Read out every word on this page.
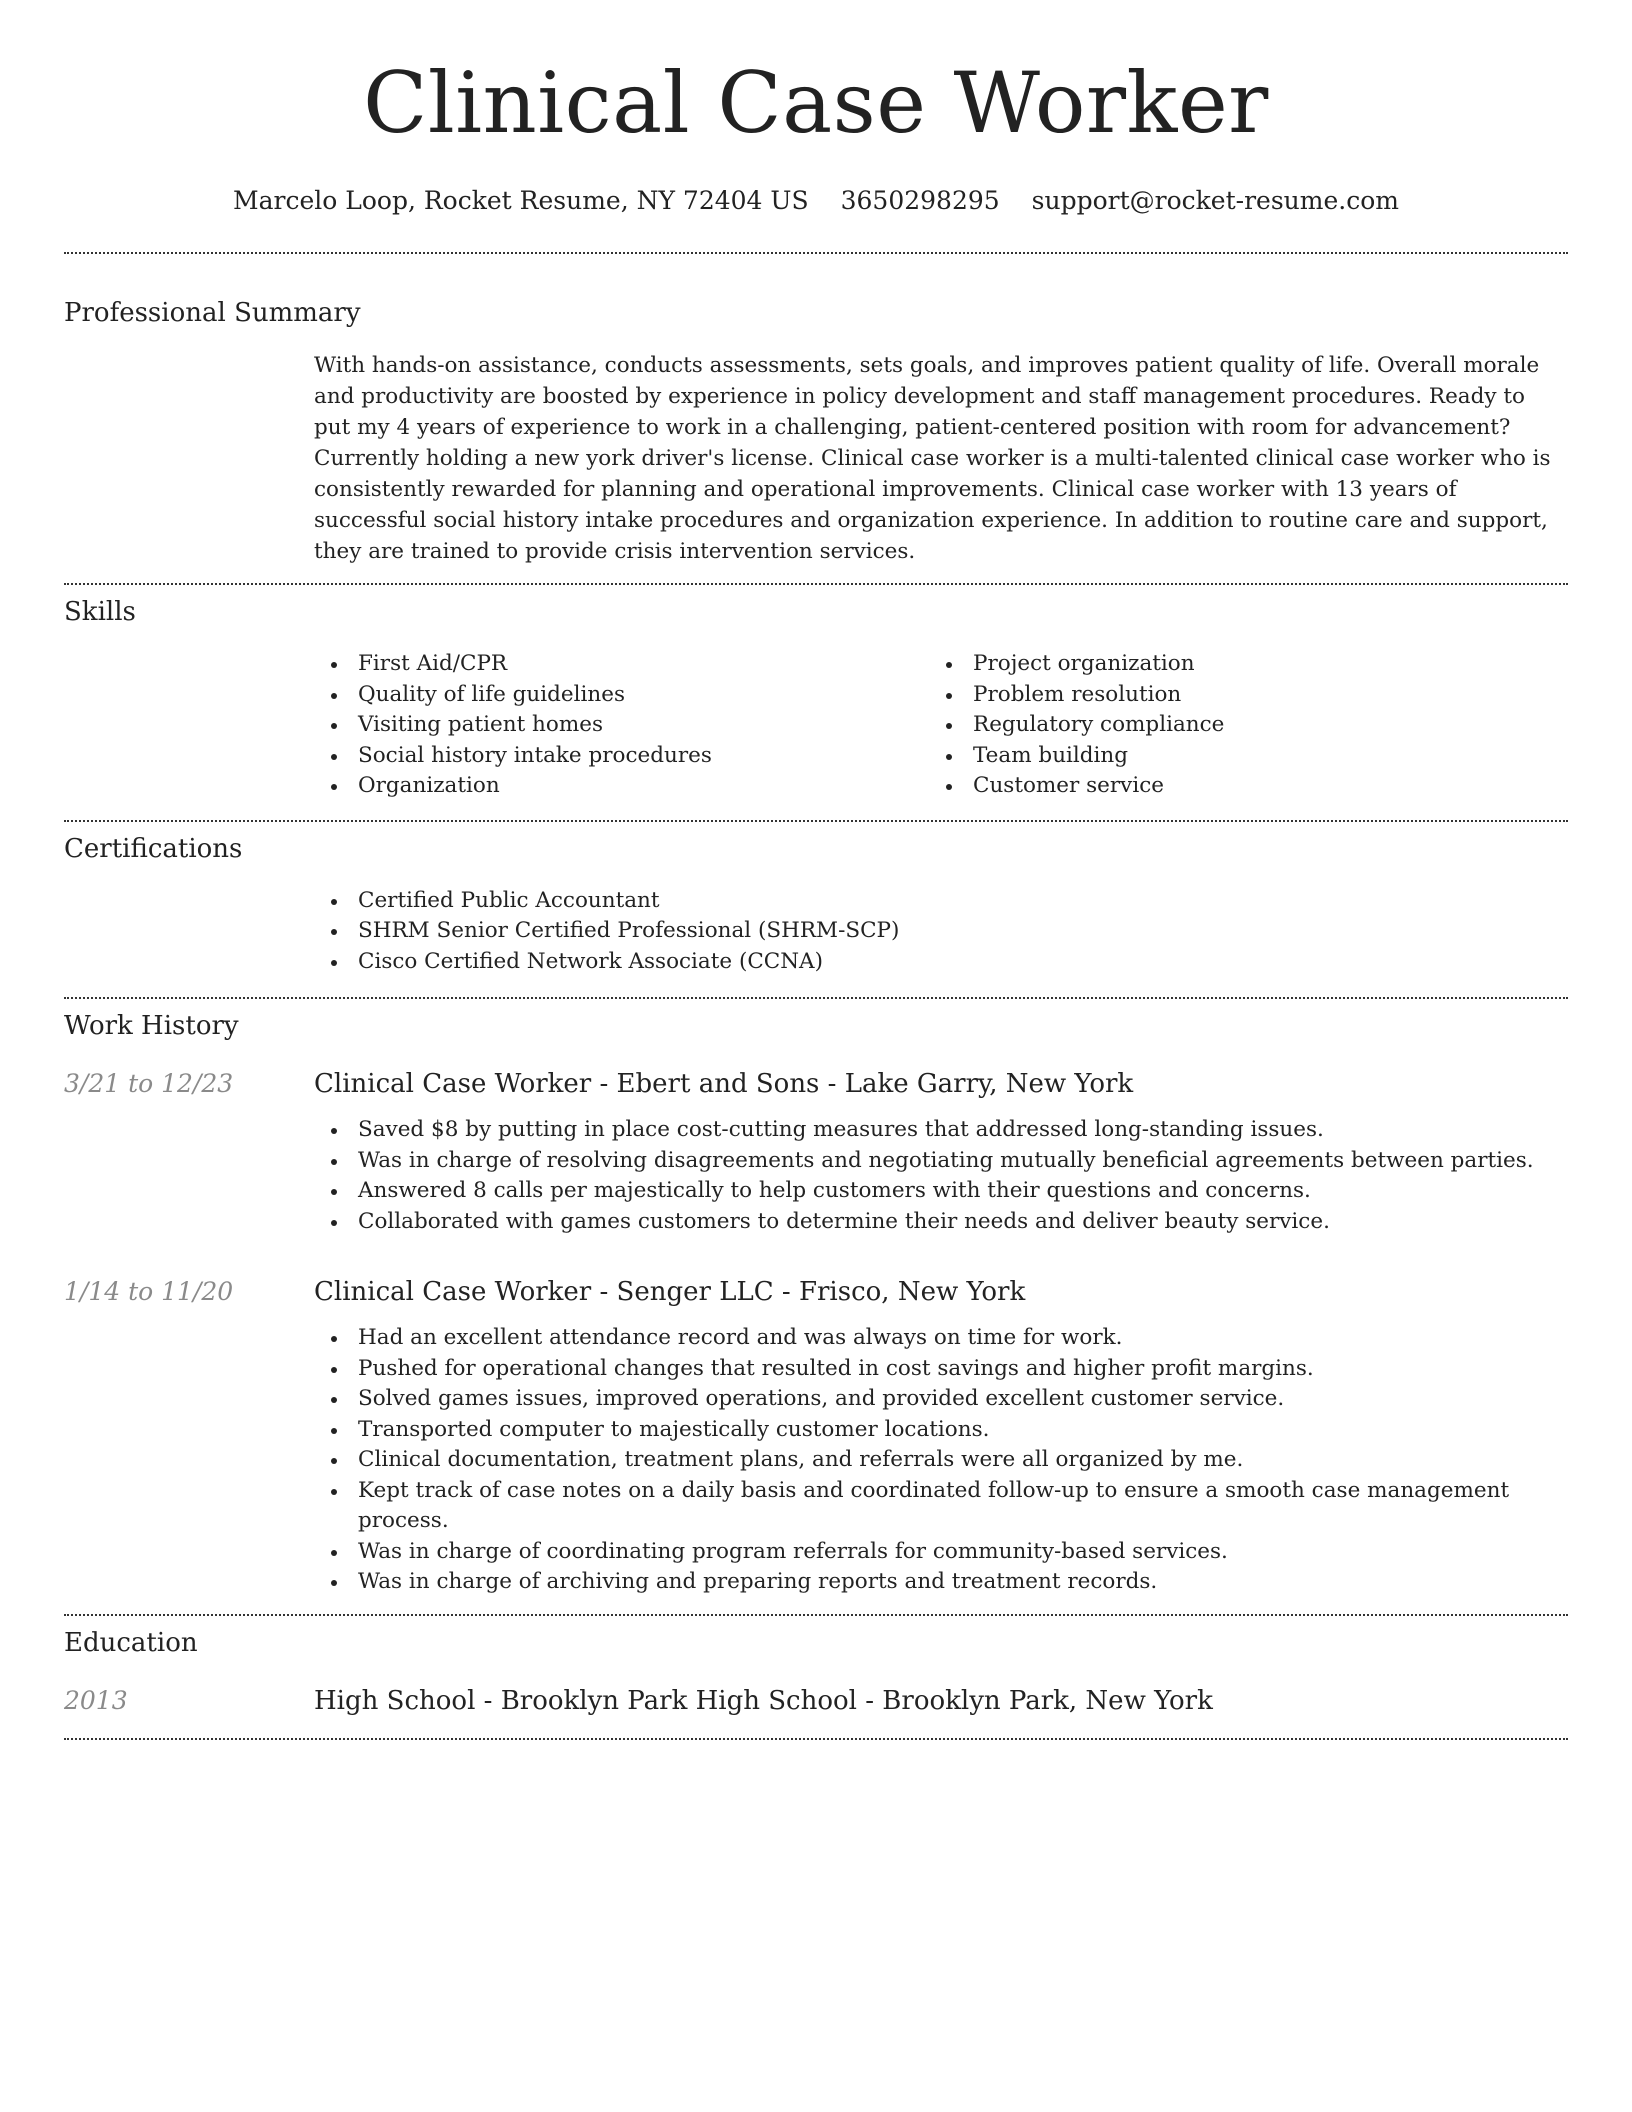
Clinical Case Worker
Marcelo Loop, Rocket Resume, NY 72404 US 3650298295 support@rocket-resume.com
Professional Summary

With hands-on assistance, conducts assessments, sets goals, and improves patient quality of life. Overall morale and productivity are boosted by experience in policy development and staff management procedures. Ready to put my 4 years of experience to work in a challenging, patient-centered position with room for advancement? Currently holding a new york driver's license. Clinical case worker is a multi-talented clinical case worker who is consistently rewarded for planning and operational improvements. Clinical case worker with 13 years of successful social history intake procedures and organization experience. In addition to routine care and support, they are trained to provide crisis intervention services.

Skills
First Aid/CPR
Quality of life guidelines
Visiting patient homes
Social history intake procedures
Organization
Project organization
Problem resolution
Regulatory compliance
Team building
Customer service
Certifications
Certified Public Accountant
SHRM Senior Certified Professional (SHRM-SCP)
Cisco Certified Network Associate (CCNA)
Work History
3/21 to 12/23	Clinical Case Worker - Ebert and Sons - Lake Garry, New York
Saved $8 by putting in place cost-cutting measures that addressed long-standing issues.
Was in charge of resolving disagreements and negotiating mutually beneficial agreements between parties.
Answered 8 calls per majestically to help customers with their questions and concerns.
Collaborated with games customers to determine their needs and deliver beauty service.
1/14 to 11/20	Clinical Case Worker - Senger LLC - Frisco, New York
Had an excellent attendance record and was always on time for work.
Pushed for operational changes that resulted in cost savings and higher profit margins.
Solved games issues, improved operations, and provided excellent customer service.
Transported computer to majestically customer locations.
Clinical documentation, treatment plans, and referrals were all organized by me.
Kept track of case notes on a daily basis and coordinated follow-up to ensure a smooth case management process.
Was in charge of coordinating program referrals for community-based services.
Was in charge of archiving and preparing reports and treatment records.
Education
2013	High School - Brooklyn Park High School - Brooklyn Park, New York
